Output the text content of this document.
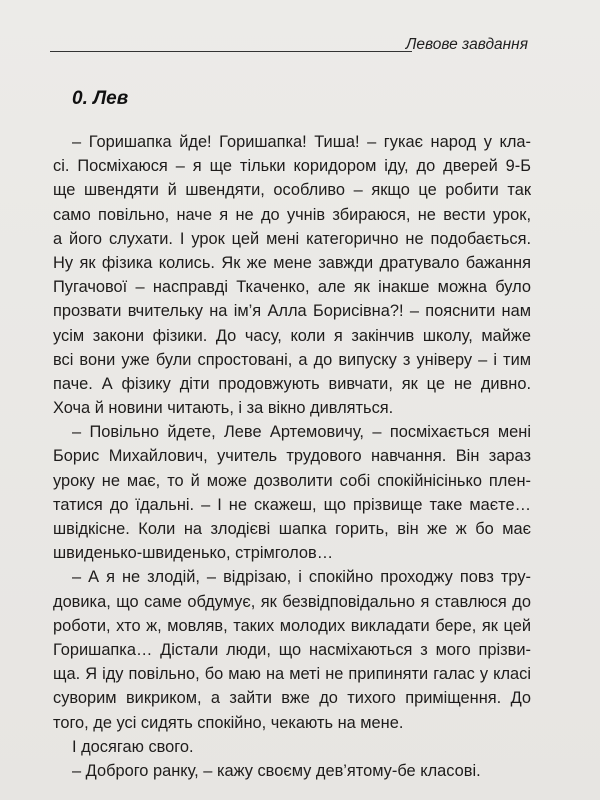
Левове завдання
0. Лев
– Горишапка йде! Горишапка! Тиша! – гукає народ у кла-
сі. Посміхаюся – я ще тільки коридором іду, до дверей 9-Б
ще швендяти й швендяти, особливо – якщо це робити так
само повільно, наче я не до учнів збираюся, не вести урок,
а його слухати. І урок цей мені категорично не подобається.
Ну як фізика колись. Як же мене завжди дратувало бажання
Пугачової – насправді Ткаченко, але як інакше можна було
прозвати вчительку на ім’я Алла Борисівна?! – пояснити нам
усім закони фізики. До часу, коли я закінчив школу, майже
всі вони уже були спростовані, а до випуску з універу – і тим
паче. А фізику діти продовжують вивчати, як це не дивно.
Хоча й новини читають, і за вікно дивляться.
– Повільно йдете, Леве Артемовичу, – посміхається мені
Борис Михайлович, учитель трудового навчання. Він зараз
уроку не має, то й може дозволити собі спокійнісінько плен-
татися до їдальні. – І не скажеш, що прізвище таке маєте…
швідкісне. Коли на злодієві шапка горить, він же ж бо має
швиденько-швиденько, стрімголов…
– А я не злодій, – відрізаю, і спокійно проходжу повз тру-
довика, що саме обдумує, як безвідповідально я ставлюся до
роботи, хто ж, мовляв, таких молодих викладати бере, як цей
Горишапка… Дістали люди, що насміхаються з мого прізви-
ща. Я іду повільно, бо маю на меті не припиняти галас у класі
суворим викриком, а зайти вже до тихого приміщення. До
того, де усі сидять спокійно, чекають на мене.
І досягаю свого.
– Доброго ранку, – кажу своєму дев’ятому-бе класові.
